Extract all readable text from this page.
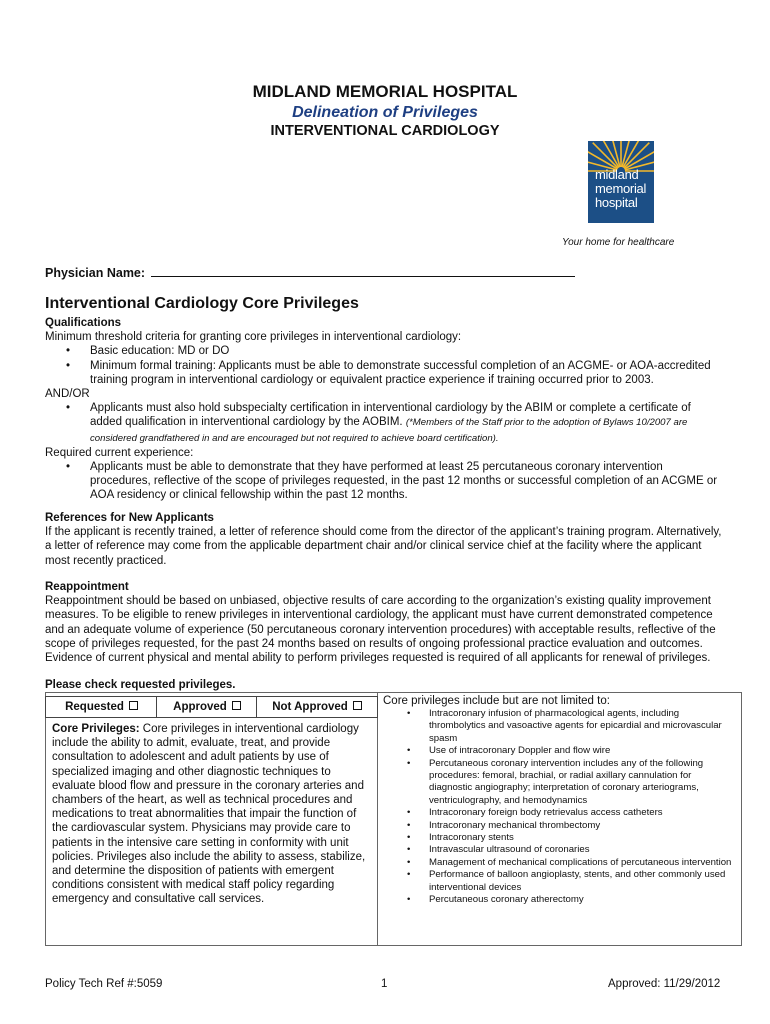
MIDLAND MEMORIAL HOSPITAL
Delineation of Privileges
INTERVENTIONAL CARDIOLOGY
midland
memorial
hospital
Your home for healthcare
Physician Name:
Interventional Cardiology Core Privileges
Qualifications
Minimum threshold criteria for granting core privileges in interventional cardiology:
• Basic education: MD or DO
• Minimum formal training: Applicants must be able to demonstrate successful completion of an ACGME- or AOA-accredited training program in interventional cardiology or equivalent practice experience if training occurred prior to 2003.
AND/OR
• Applicants must also hold subspecialty certification in interventional cardiology by the ABIM or complete a certificate of added qualification in interventional cardiology by the AOBIM. (*Members of the Staff prior to the adoption of Bylaws 10/2007 are considered grandfathered in and are encouraged but not required to achieve board certification).
Required current experience:
• Applicants must be able to demonstrate that they have performed at least 25 percutaneous coronary intervention procedures, reflective of the scope of privileges requested, in the past 12 months or successful completion of an ACGME or AOA residency or clinical fellowship within the past 12 months.
References for New Applicants
If the applicant is recently trained, a letter of reference should come from the director of the applicant’s training program. Alternatively, a letter of reference may come from the applicable department chair and/or clinical service chief at the facility where the applicant most recently practiced.
Reappointment
Reappointment should be based on unbiased, objective results of care according to the organization’s existing quality improvement measures. To be eligible to renew privileges in interventional cardiology, the applicant must have current demonstrated competence and an adequate volume of experience (50 percutaneous coronary intervention procedures) with acceptable results, reflective of the scope of privileges requested, for the past 24 months based on results of ongoing professional practice evaluation and outcomes. Evidence of current physical and mental ability to perform privileges requested is required of all applicants for renewal of privileges.
Please check requested privileges.
Requested	Approved	Not Approved
Core Privileges: Core privileges in interventional cardiology include the ability to admit, evaluate, treat, and provide consultation to adolescent and adult patients by use of specialized imaging and other diagnostic techniques to evaluate blood flow and pressure in the coronary arteries and chambers of the heart, as well as technical procedures and medications to treat abnormalities that impair the function of the cardiovascular system. Physicians may provide care to patients in the intensive care setting in conformity with unit policies. Privileges also include the ability to assess, stabilize, and determine the disposition of patients with emergent conditions consistent with medical staff policy regarding emergency and consultative call services.
Core privileges include but are not limited to:
• Intracoronary infusion of pharmacological agents, including thrombolytics and vasoactive agents for epicardial and microvascular spasm
• Use of intracoronary Doppler and flow wire
• Percutaneous coronary intervention includes any of the following procedures: femoral, brachial, or radial axillary cannulation for diagnostic angiography; interpretation of coronary arteriograms, ventriculography, and hemodynamics
• Intracoronary foreign body retrievalus access catheters
• Intracoronary mechanical thrombectomy
• Intracoronary stents
• Intravascular ultrasound of coronaries
• Management of mechanical complications of percutaneous intervention
• Performance of balloon angioplasty, stents, and other commonly used interventional devices
• Percutaneous coronary atherectomy
Policy Tech Ref #:5059	1	Approved: 11/29/2012
